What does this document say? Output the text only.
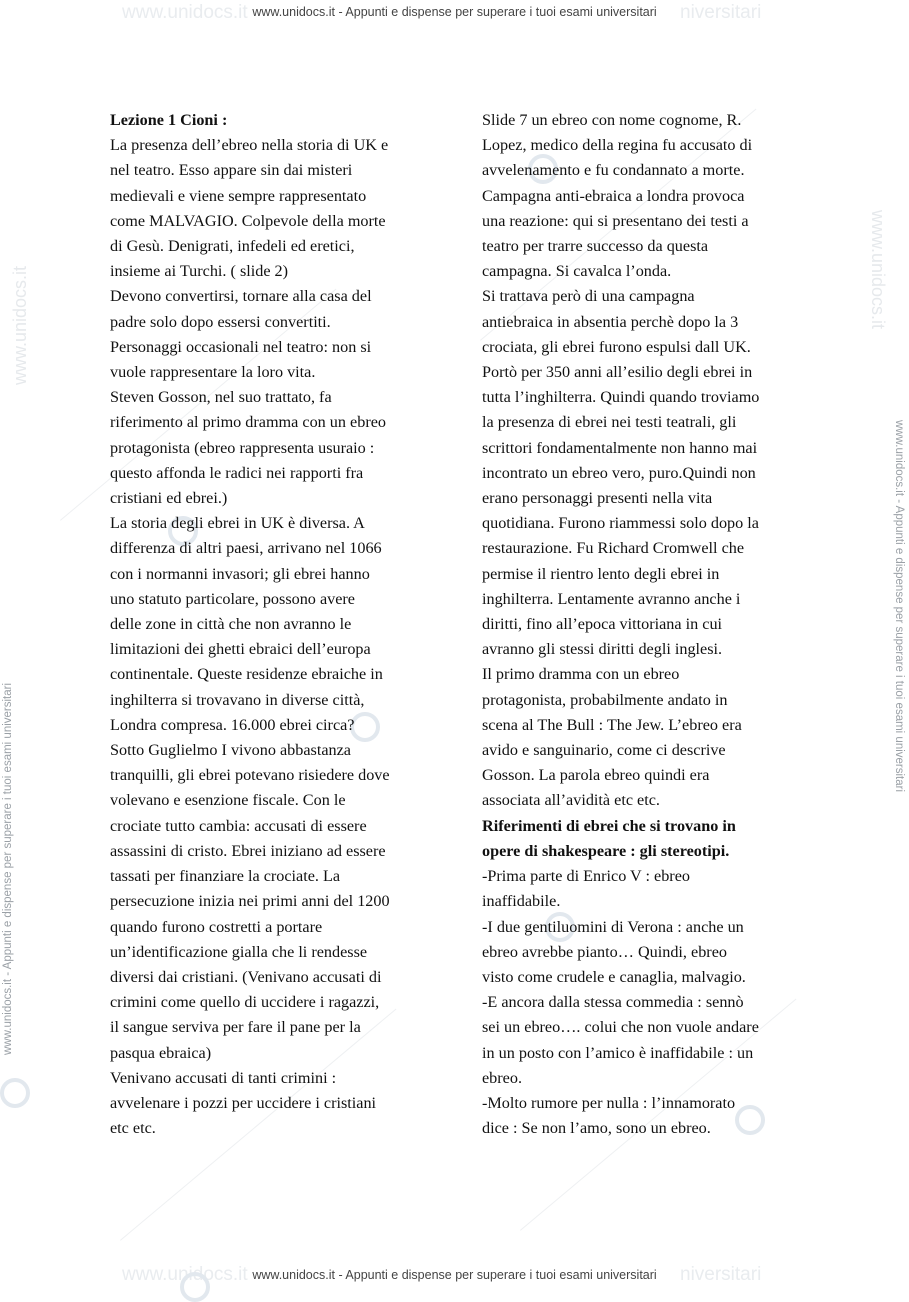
www.unidocs.it	niversitari
www.unidocs.it	niversitari
www.unidocs.it	www.unidocs.it
www.unidocs.it - Appunti e dispense per superare i tuoi esami universitari
www.unidocs.it - Appunti e dispense per superare i tuoi esami universitari
www.unidocs.it - Appunti e dispense per superare i tuoi esami universitari
www.unidocs.it - Appunti e dispense per superare i tuoi esami universitari
Lezione 1 Cioni :
La presenza dell’ebreo nella storia di UK e
nel teatro. Esso appare sin dai misteri
medievali e viene sempre rappresentato
come MALVAGIO. Colpevole della morte
di Gesù. Denigrati, infedeli ed eretici,
insieme ai Turchi. ( slide 2)
Devono convertirsi, tornare alla casa del
padre solo dopo essersi convertiti.
Personaggi occasionali nel teatro: non si
vuole rappresentare la loro vita.
Steven Gosson, nel suo trattato, fa
riferimento al primo dramma con un ebreo
protagonista (ebreo rappresenta usuraio :
questo affonda le radici nei rapporti fra
cristiani ed ebrei.)
La storia degli ebrei in UK è diversa. A
differenza di altri paesi, arrivano nel 1066
con i normanni invasori; gli ebrei hanno
uno statuto particolare, possono avere
delle zone in città che non avranno le
limitazioni dei ghetti ebraici dell’europa
continentale. Queste residenze ebraiche in
inghilterra si trovavano in diverse città,
Londra compresa. 16.000 ebrei circa?
Sotto Guglielmo I vivono abbastanza
tranquilli, gli ebrei potevano risiedere dove
volevano e esenzione fiscale. Con le
crociate tutto cambia: accusati di essere
assassini di cristo. Ebrei iniziano ad essere
tassati per finanziare la crociate. La
persecuzione inizia nei primi anni del 1200
quando furono costretti a portare
un’identificazione gialla che li rendesse
diversi dai cristiani. (Venivano accusati di
crimini come quello di uccidere i ragazzi,
il sangue serviva per fare il pane per la
pasqua ebraica)
Venivano accusati di tanti crimini :
avvelenare i pozzi per uccidere i cristiani
etc etc.
Slide 7 un ebreo con nome cognome, R.
Lopez, medico della regina fu accusato di
avvelenamento e fu condannato a morte.
Campagna anti-ebraica a londra provoca
una reazione: qui si presentano dei testi a
teatro per trarre successo da questa
campagna. Si cavalca l’onda.
Si trattava però di una campagna
antiebraica in absentia perchè dopo la 3
crociata, gli ebrei furono espulsi dall UK.
Portò per 350 anni all’esilio degli ebrei in
tutta l’inghilterra. Quindi quando troviamo
la presenza di ebrei nei testi teatrali, gli
scrittori fondamentalmente non hanno mai
incontrato un ebreo vero, puro.Quindi non
erano personaggi presenti nella vita
quotidiana. Furono riammessi solo dopo la
restaurazione. Fu Richard Cromwell che
permise il rientro lento degli ebrei in
inghilterra. Lentamente avranno anche i
diritti, fino all’epoca vittoriana in cui
avranno gli stessi diritti degli inglesi.
Il primo dramma con un ebreo
protagonista, probabilmente andato in
scena al The Bull : The Jew. L’ebreo era
avido e sanguinario, come ci descrive
Gosson. La parola ebreo quindi era
associata all’avidità etc etc.
Riferimenti di ebrei che si trovano in
opere di shakespeare : gli stereotipi.
-Prima parte di Enrico V : ebreo
inaffidabile.
-I due gentiluomini di Verona : anche un
ebreo avrebbe pianto… Quindi, ebreo
visto come crudele e canaglia, malvagio.
-E ancora dalla stessa commedia : sennò
sei un ebreo…. colui che non vuole andare
in un posto con l’amico è inaffidabile : un
ebreo.
-Molto rumore per nulla : l’innamorato
dice : Se non l’amo, sono un ebreo.
